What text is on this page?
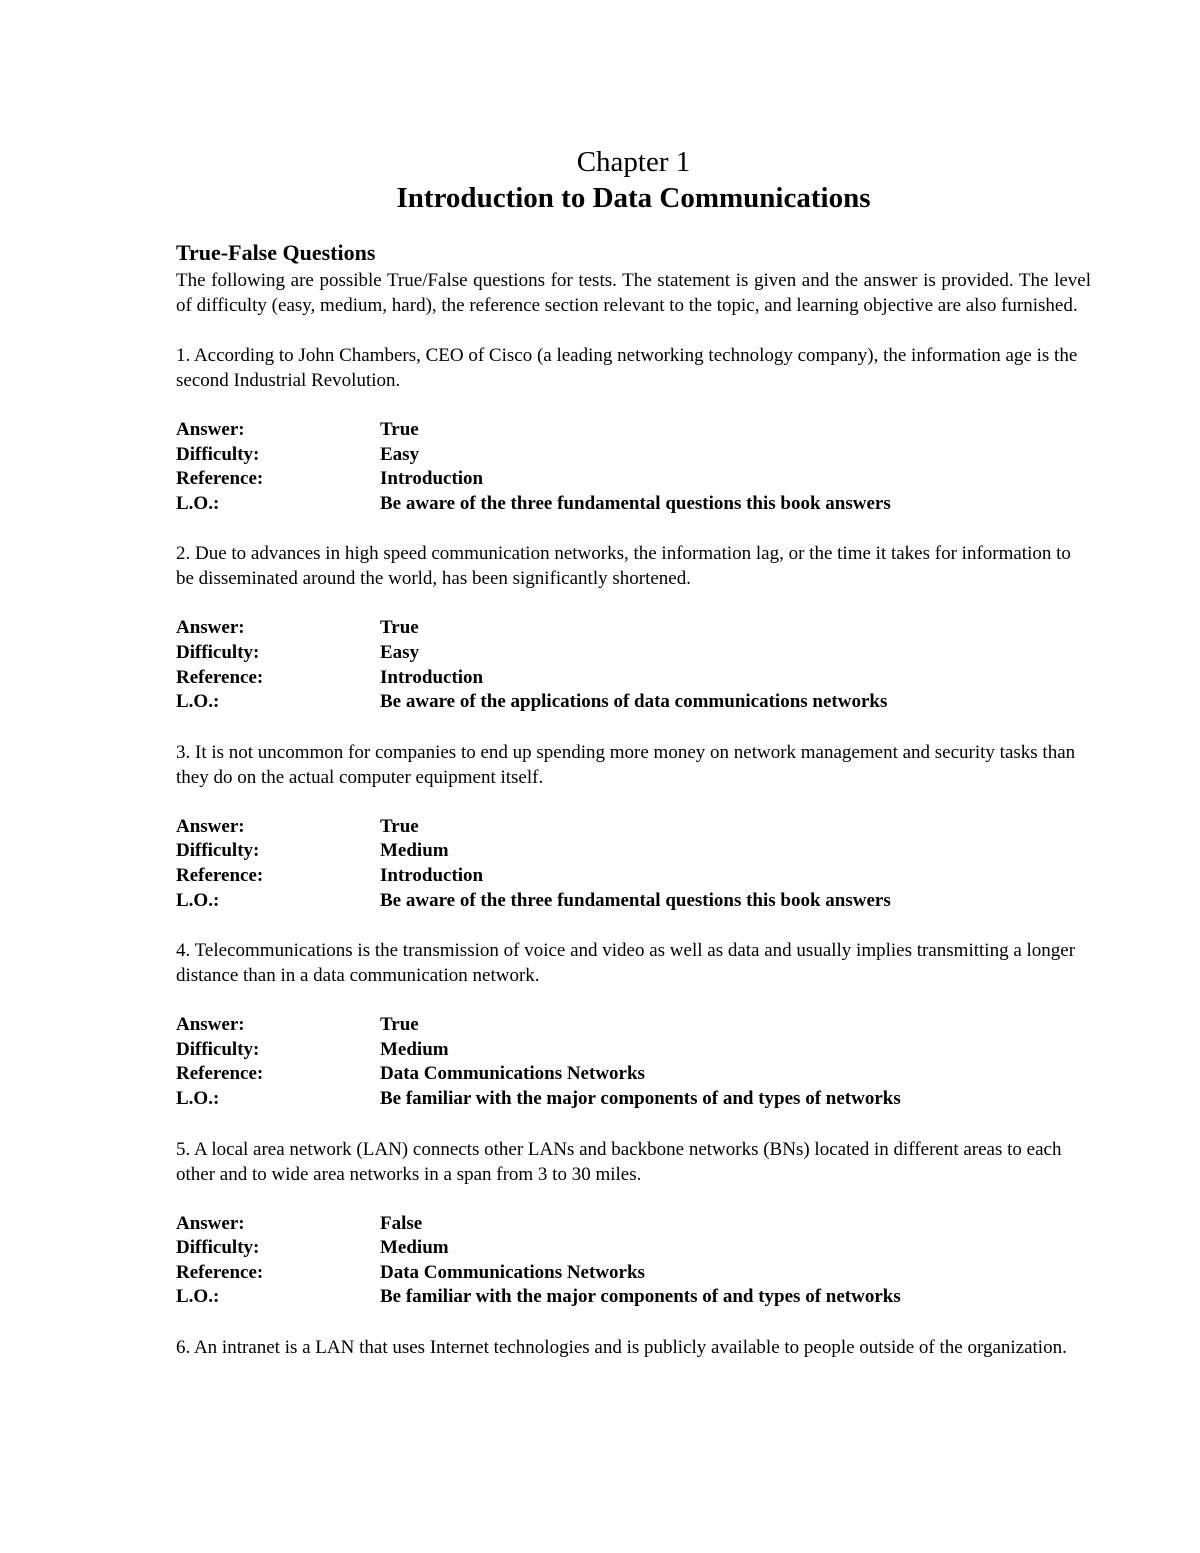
Chapter 1
Introduction to Data Communications
True-False Questions

The following are possible True/False questions for tests. The statement is given and the answer is provided. The level of difficulty (easy, medium, hard), the reference section relevant to the topic, and learning objective are also furnished.

1. According to John Chambers, CEO of Cisco (a leading networking technology company), the information age is the second Industrial Revolution.

Answer:	True
Difficulty:	Easy
Reference:	Introduction
L.O.:	Be aware of the three fundamental questions this book answers

2. Due to advances in high speed communication networks, the information lag, or the time it takes for information to be disseminated around the world, has been significantly shortened.

Answer:	True
Difficulty:	Easy
Reference:	Introduction
L.O.:	Be aware of the applications of data communications networks

3. It is not uncommon for companies to end up spending more money on network management and security tasks than they do on the actual computer equipment itself.

Answer:	True
Difficulty:	Medium
Reference:	Introduction
L.O.:	Be aware of the three fundamental questions this book answers

4. Telecommunications is the transmission of voice and video as well as data and usually implies transmitting a longer distance than in a data communication network.

Answer:	True
Difficulty:	Medium
Reference:	Data Communications Networks
L.O.:	Be familiar with the major components of and types of networks

5. A local area network (LAN) connects other LANs and backbone networks (BNs) located in different areas to each other and to wide area networks in a span from 3 to 30 miles.

Answer:	False
Difficulty:	Medium
Reference:	Data Communications Networks
L.O.:	Be familiar with the major components of and types of networks

6. An intranet is a LAN that uses Internet technologies and is publicly available to people outside of the organization.
